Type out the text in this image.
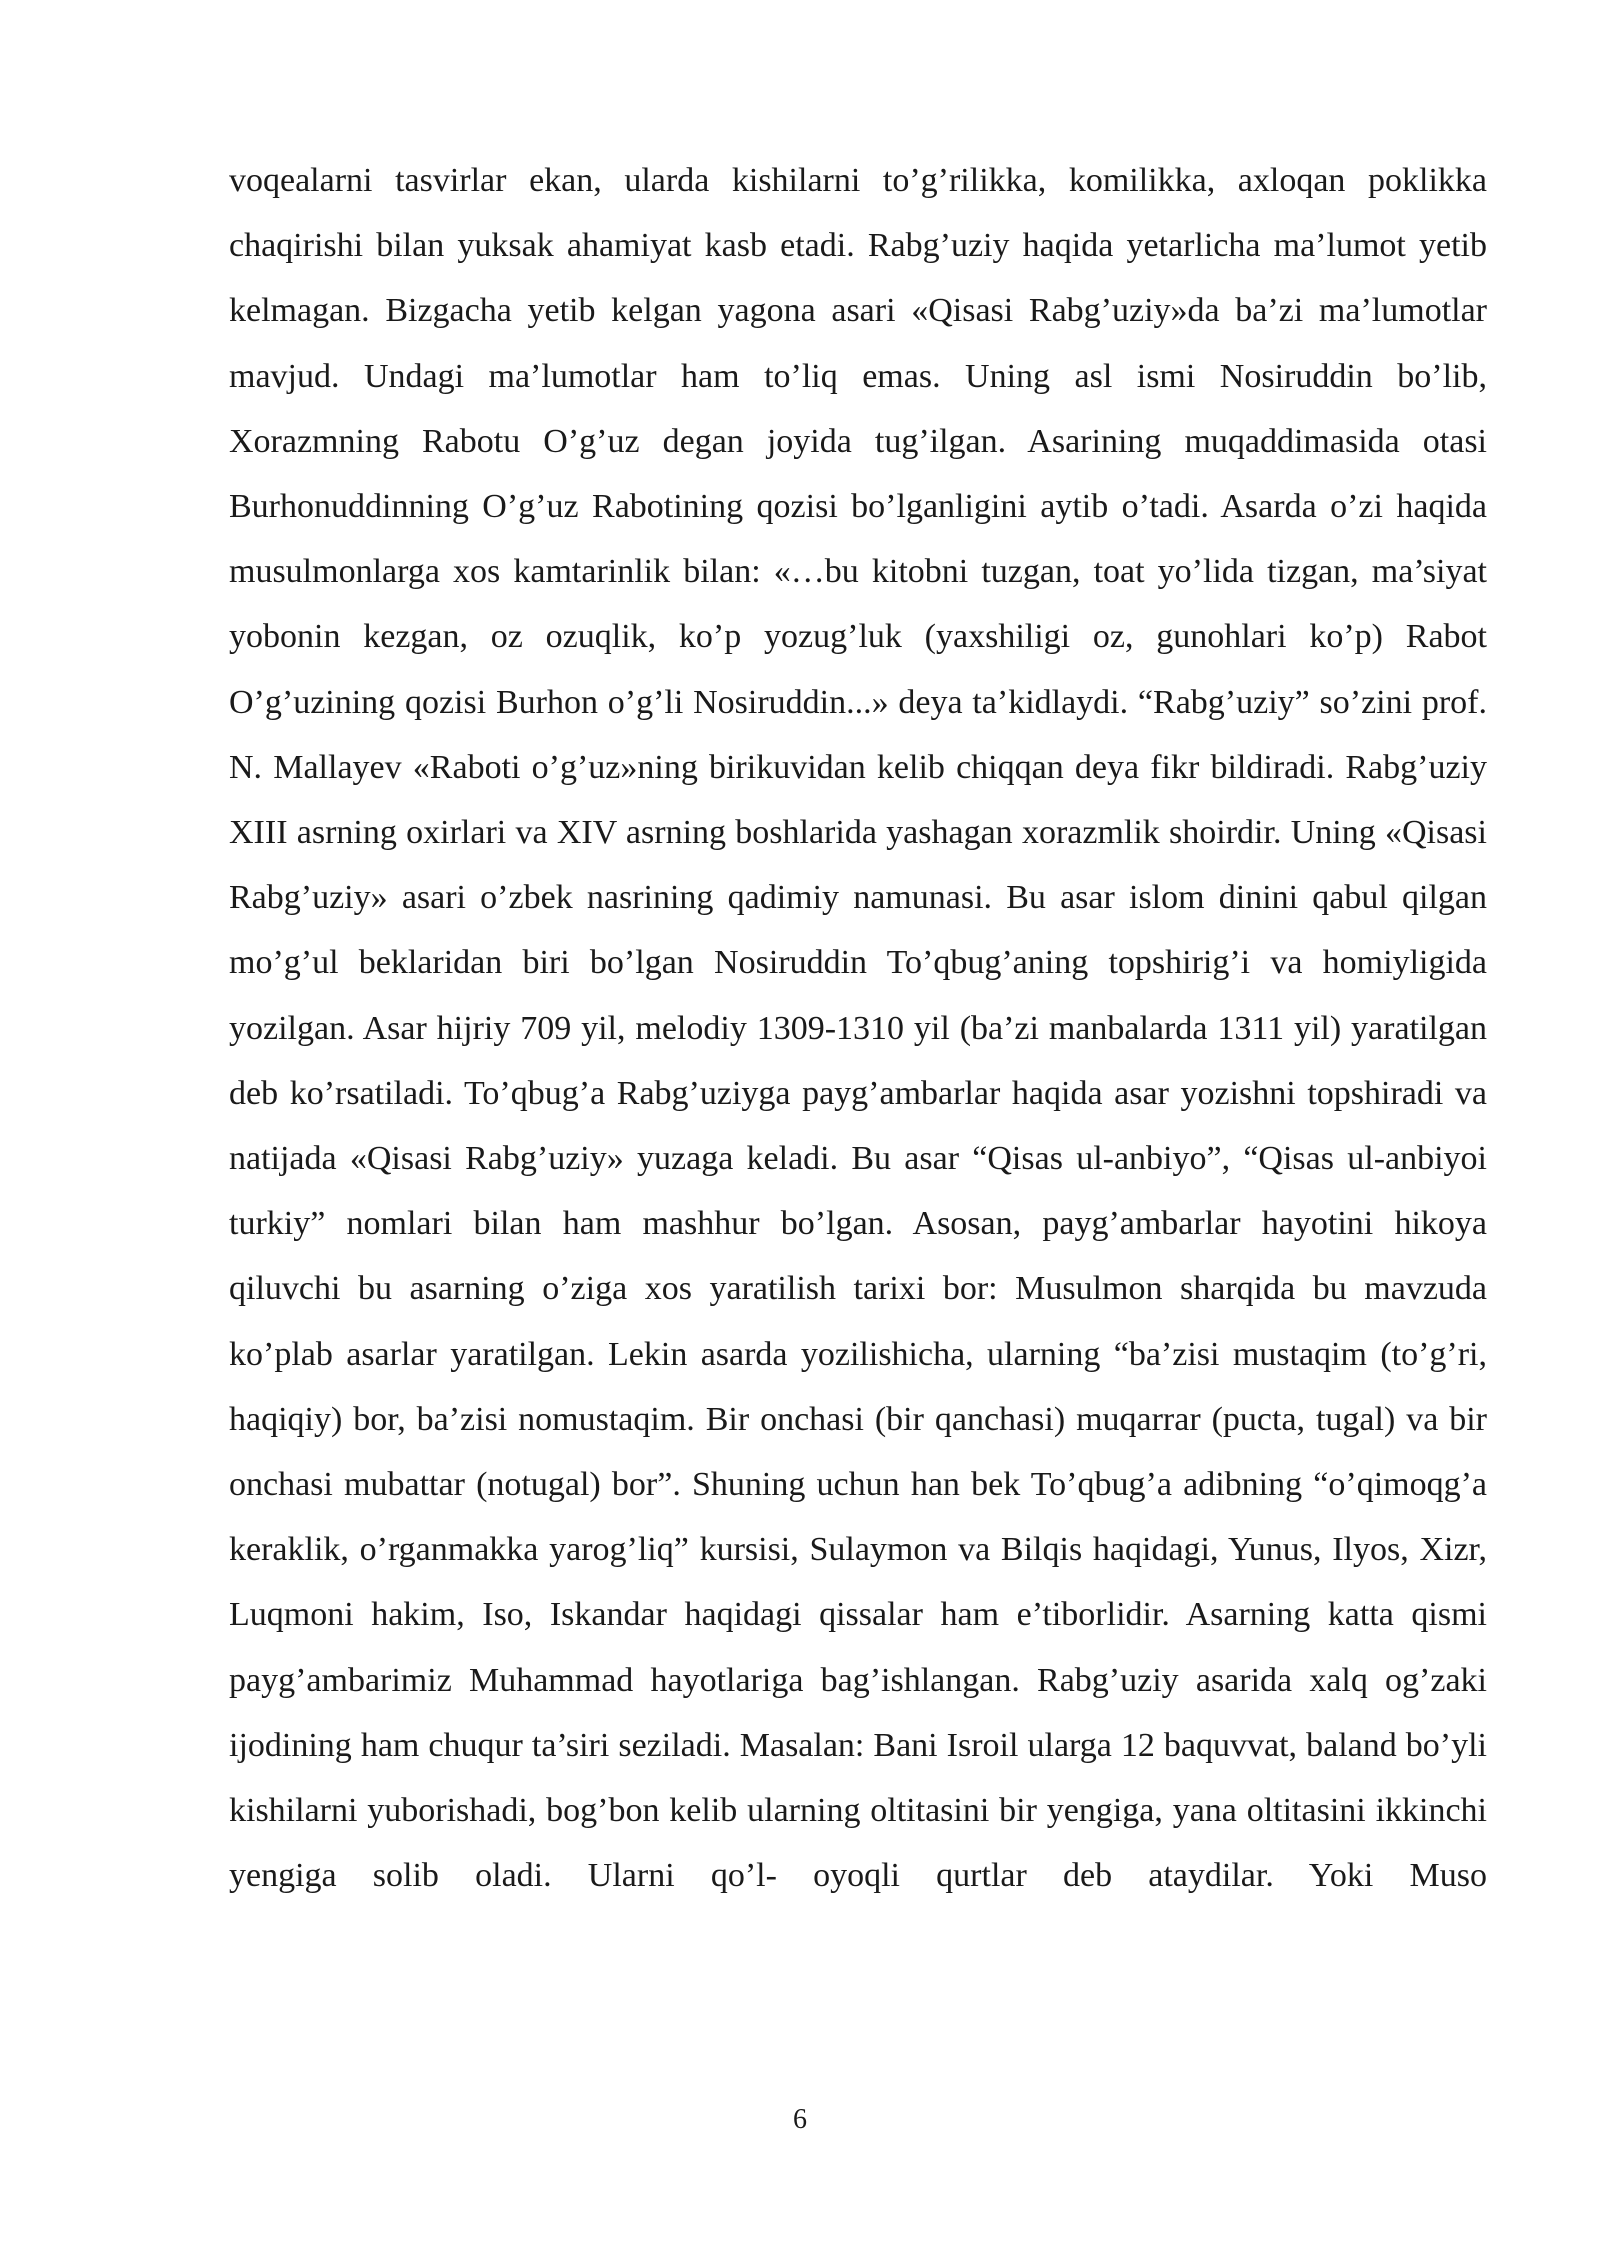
voqealarni tasvirlar ekan, ularda kishilarni to’g’rilikka, komilikka, axloqan poklikka chaqirishi bilan yuksak ahamiyat kasb etadi. Rabg’uziy haqida yetarlicha ma’lumot yetib kelmagan. Bizgacha yetib kelgan yagona asari «Qisasi Rabg’uziy»da ba’zi ma’lumotlar mavjud. Undagi ma’lumotlar ham to’liq emas. Uning asl ismi Nosiruddin bo’lib, Xorazmning Rabotu O’g’uz degan joyida tug’ilgan. Asarining muqaddimasida otasi Burhonuddinning O’g’uz Rabotining qozisi bo’lganligini aytib o’tadi. Asarda o’zi haqida musulmonlarga xos kamtarinlik bilan: «…bu kitobni tuzgan, toat yo’lida tizgan, ma’siyat yobonin kezgan, oz ozuqlik, ko’p yozug’luk (yaxshiligi oz, gunohlari ko’p) Rabot O’g’uzining qozisi Burhon o’g’li Nosiruddin...» deya ta’kidlaydi. “Rabg’uziy” so’zini prof. N. Mallayev «Raboti o’g’uz»ning birikuvidan kelib chiqqan deya fikr bildiradi. Rabg’uziy XIII asrning oxirlari va XIV asrning boshlarida yashagan xorazmlik shoirdir. Uning «Qisasi Rabg’uziy» asari o’zbek nasrining qadimiy namunasi. Bu asar islom dinini qabul qilgan mo’g’ul beklaridan biri bo’lgan Nosiruddin To’qbug’aning topshirig’i va homiyligida yozilgan. Asar hijriy 709 yil, melodiy 1309-1310 yil (ba’zi manbalarda 1311 yil) yaratilgan deb ko’rsatiladi. To’qbug’a Rabg’uziyga payg’ambarlar haqida asar yozishni topshiradi va natijada «Qisasi Rabg’uziy» yuzaga keladi. Bu asar “Qisas ul-anbiyo”, “Qisas ul-anbiyoi turkiy” nomlari bilan ham mashhur bo’lgan. Asosan, payg’ambarlar hayotini hikoya qiluvchi bu asarning o’ziga xos yaratilish tarixi bor: Musulmon sharqida bu mavzuda ko’plab asarlar yaratilgan. Lekin asarda yozilishicha, ularning “ba’zisi mustaqim (to’g’ri, haqiqiy) bor, ba’zisi nomustaqim. Bir onchasi (bir qanchasi) muqarrar (pucta, tugal) va bir onchasi mubattar (notugal) bor”. Shuning uchun han bek To’qbug’a adibning “o’qimoqg’a keraklik, o’rganmakka yarog’liq” kursisi, Sulaymon va Bilqis haqidagi, Yunus, Ilyos, Xizr, Luqmoni hakim, Iso, Iskandar haqidagi qissalar ham e’tiborlidir. Asarning katta qismi payg’ambarimiz Muhammad hayotlariga bag’ishlangan. Rabg’uziy asarida xalq og’zaki ijodining ham chuqur ta’siri seziladi. Masalan: Bani Isroil ularga 12 baquvvat, baland bo’yli kishilarni yuborishadi, bog’bon kelib ularning oltitasini bir yengiga, yana oltitasini ikkinchi yengiga solib oladi. Ularni qo’l- oyoqli qurtlar deb ataydilar. Yoki Muso

6
